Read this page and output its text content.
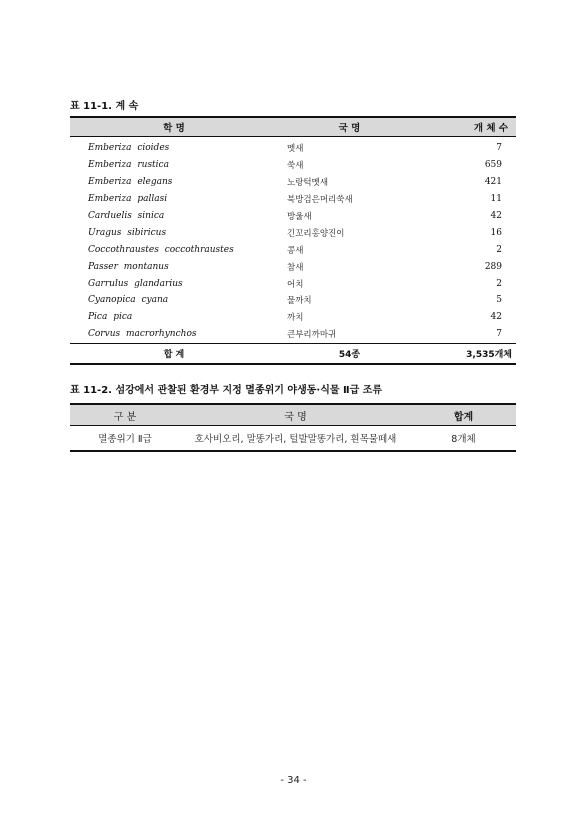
표 11-1. 계 속
학 명	국 명	개 체 수
Emberiza cioides	멧새	7
Emberiza rustica	쑥새	659
Emberiza elegans	노랑턱멧새	421
Emberiza pallasi	북방검은머리쑥새	11
Carduelis sinica	방울새	42
Uragus sibiricus	긴꼬리홍양진이	16
Coccothraustes coccothraustes	콩새	2
Passer montanus	참새	289
Garrulus glandarius	어치	2
Cyanopica cyana	물까치	5
Pica pica	까치	42
Corvus macrorhynchos	큰부리까마귀	7
합 계	54종	3,535개체
표 11-2. 섬강에서 관찰된 환경부 지정 멸종위기 야생동·식물 Ⅱ급 조류
구 분	국 명	합계
멸종위기 Ⅱ급	호사비오리, 말똥가리, 털발말똥가리, 흰목물떼새	8개체
- 34 -
